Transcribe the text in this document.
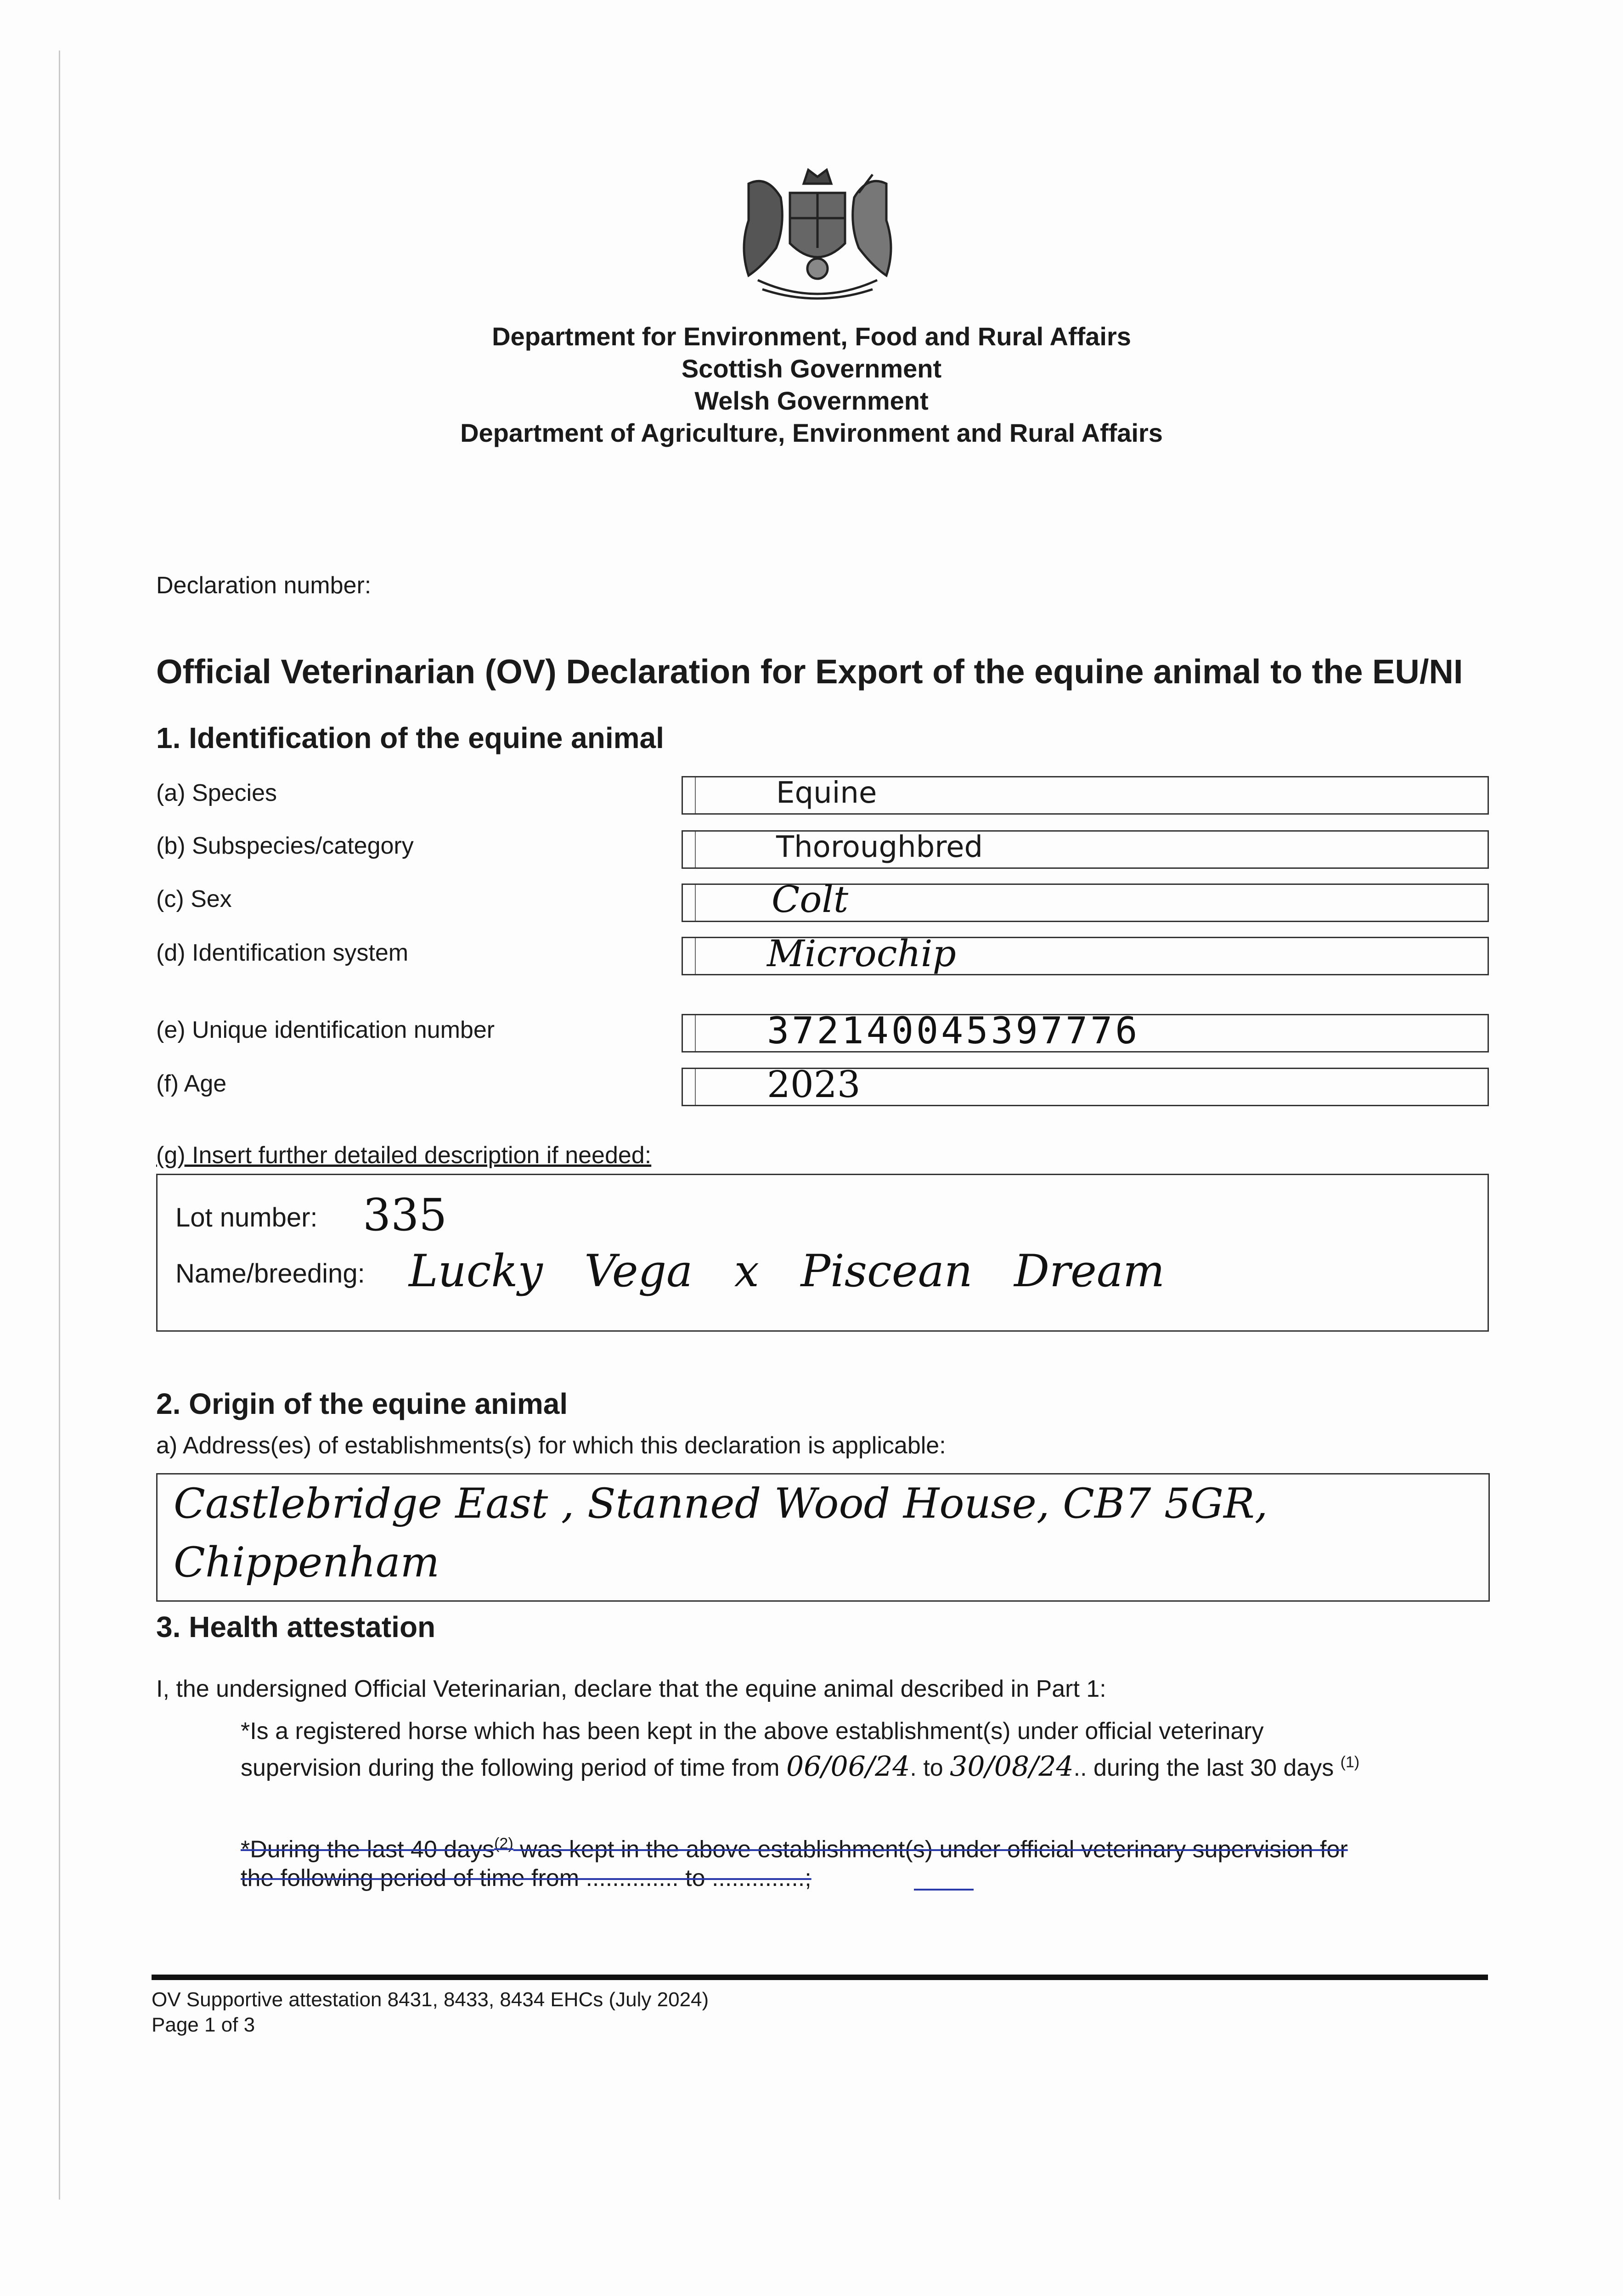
Department for Environment, Food and Rural Affairs
Scottish Government
Welsh Government
Department of Agriculture, Environment and Rural Affairs
Declaration number:
Official Veterinarian (OV) Declaration for Export of the equine animal to the EU/NI
1. Identification of the equine animal
(a) Species	Equine
(b) Subspecies/category	Thoroughbred
(c) Sex	Colt
(d) Identification system	Microchip
(e) Unique identification number	372140045397776
(f) Age	2023
(g) Insert further detailed description if needed:
Lot number: 335
Name/breeding: Lucky Vega x Piscean Dream
2. Origin of the equine animal
a) Address(es) of establishments(s) for which this declaration is applicable:
Castlebridge East , Stanned Wood House, CB7 5GR,
Chippenham
3. Health attestation
I, the undersigned Official Veterinarian, declare that the equine animal described in Part 1:
*Is a registered horse which has been kept in the above establishment(s) under official veterinary
supervision during the following period of time from 06/06/24. to 30/08/24.. during the last 30 days $^{(1)}$
*During the last 40 days$^{(2)}$ was kept in the above establishment(s) under official veterinary supervision for
the following period of time from .............. to ..............;
OV Supportive attestation 8431, 8433, 8434 EHCs (July 2024)
Page 1 of 3
